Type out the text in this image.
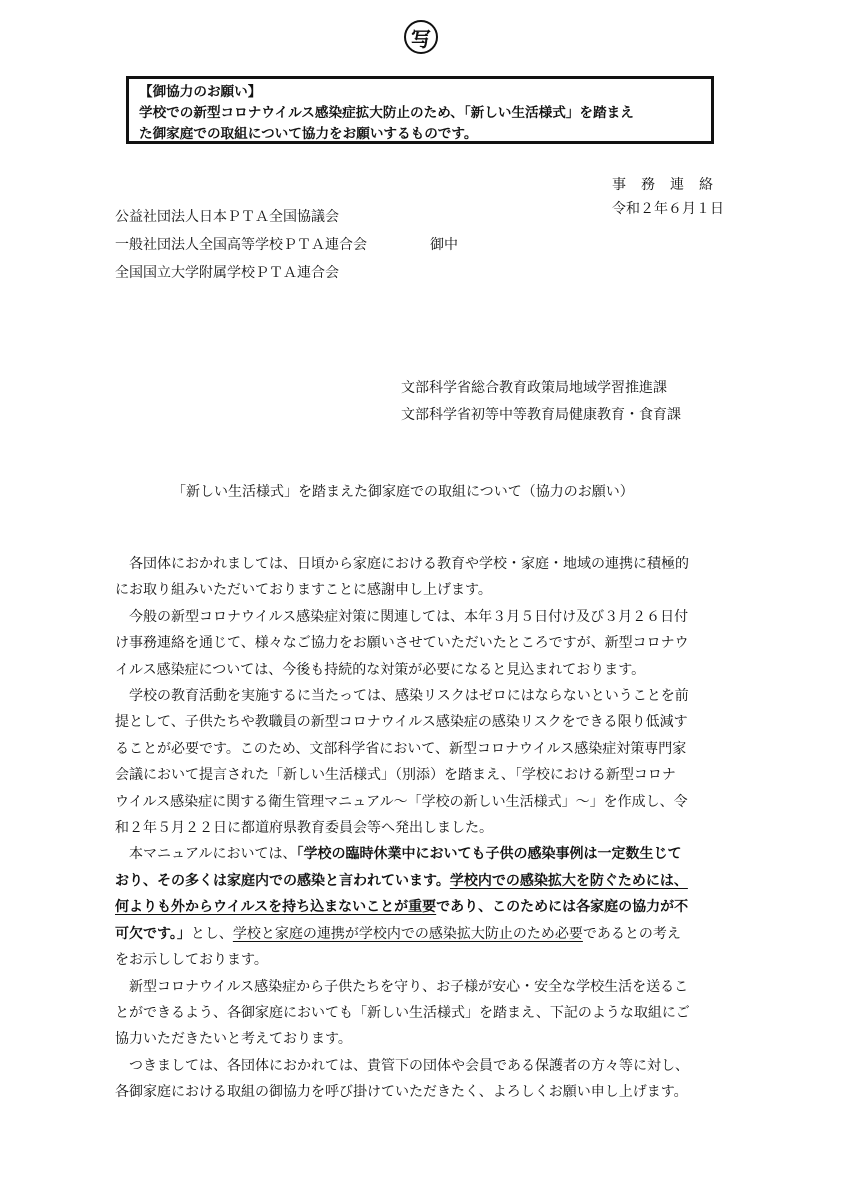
写
【御協力のお願い】
学校での新型コロナウイルス感染症拡大防止のため、「新しい生活様式」を踏まえ
た御家庭での取組について協力をお願いするものです。
事務連絡
令和２年６月１日
公益社団法人日本ＰＴＡ全国協議会
一般社団法人全国高等学校ＰＴＡ連合会
全国国立大学附属学校ＰＴＡ連合会
御中
文部科学省総合教育政策局地域学習推進課
文部科学省初等中等教育局健康教育・食育課
「新しい生活様式」を踏まえた御家庭での取組について（協力のお願い）
　各団体におかれましては、日頃から家庭における教育や学校・家庭・地域の連携に積極的
にお取り組みいただいておりますことに感謝申し上げます。
　今般の新型コロナウイルス感染症対策に関連しては、本年３月５日付け及び３月２６日付
け事務連絡を通じて、様々なご協力をお願いさせていただいたところですが、新型コロナウ
イルス感染症については、今後も持続的な対策が必要になると見込まれております。
　学校の教育活動を実施するに当たっては、感染リスクはゼロにはならないということを前
提として、子供たちや教職員の新型コロナウイルス感染症の感染リスクをできる限り低減す
ることが必要です。このため、文部科学省において、新型コロナウイルス感染症対策専門家
会議において提言された「新しい生活様式」（別添）を踏まえ、「学校における新型コロナ
ウイルス感染症に関する衛生管理マニュアル～「学校の新しい生活様式」～」を作成し、令
和２年５月２２日に都道府県教育委員会等へ発出しました。
　本マニュアルにおいては、「学校の臨時休業中においても子供の感染事例は一定数生じて
おり、その多くは家庭内での感染と言われています。学校内での感染拡大を防ぐためには、
何よりも外からウイルスを持ち込まないことが重要であり、このためには各家庭の協力が不
可欠です。」とし、学校と家庭の連携が学校内での感染拡大防止のため必要であるとの考え
をお示ししております。
　新型コロナウイルス感染症から子供たちを守り、お子様が安心・安全な学校生活を送るこ
とができるよう、各御家庭においても「新しい生活様式」を踏まえ、下記のような取組にご
協力いただきたいと考えております。
　つきましては、各団体におかれては、貴管下の団体や会員である保護者の方々等に対し、
各御家庭における取組の御協力を呼び掛けていただきたく、よろしくお願い申し上げます。
